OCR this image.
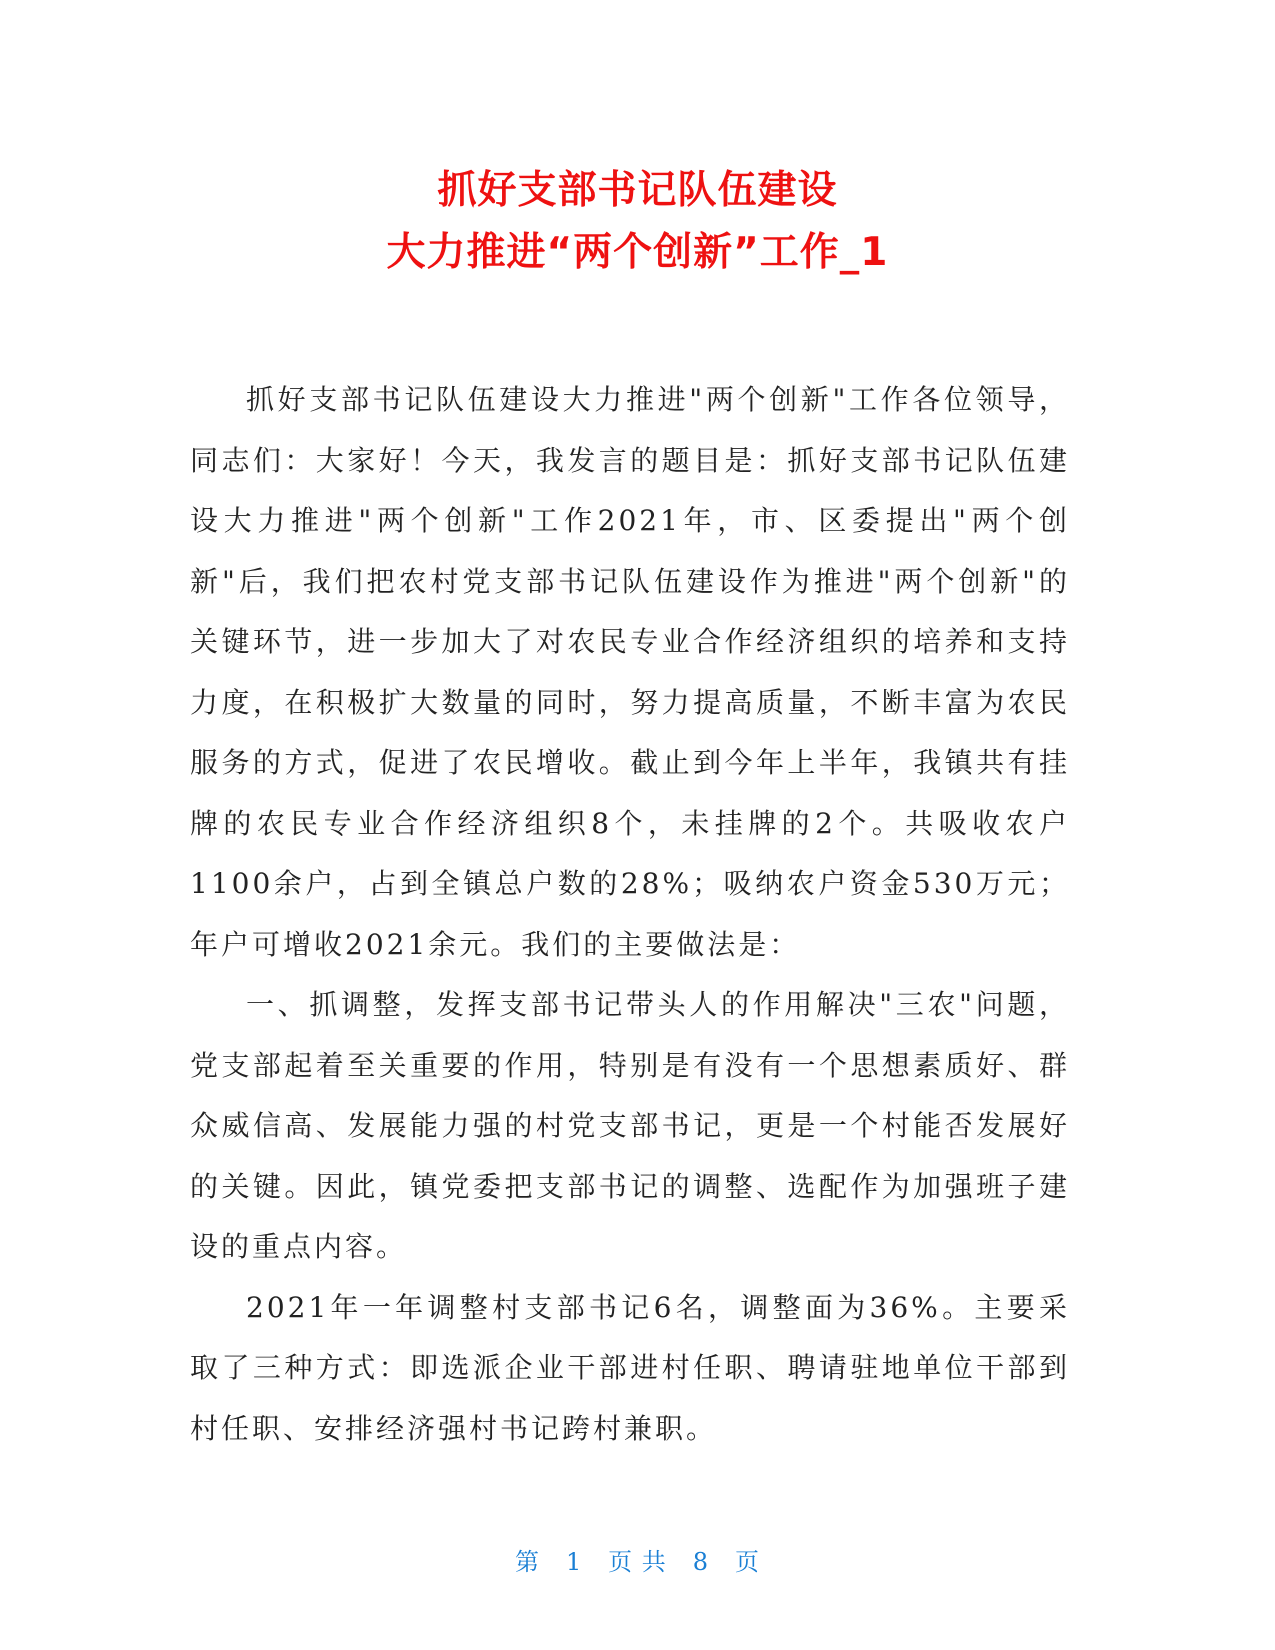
抓好支部书记队伍建设
大力推进“两个创新”工作_1

抓好支部书记队伍建设大力推进"两个创新"工作各位领导，同志们：大家好！今天，我发言的题目是：抓好支部书记队伍建设大力推进"两个创新"工作2021年，市、区委提出"两个创新"后，我们把农村党支部书记队伍建设作为推进"两个创新"的关键环节，进一步加大了对农民专业合作经济组织的培养和支持力度，在积极扩大数量的同时，努力提高质量，不断丰富为农民服务的方式，促进了农民增收。截止到今年上半年，我镇共有挂牌的农民专业合作经济组织8个，未挂牌的2个。共吸收农户1100余户，占到全镇总户数的28%；吸纳农户资金530万元；年户可增收2021余元。我们的主要做法是：

一、抓调整，发挥支部书记带头人的作用解决"三农"问题，党支部起着至关重要的作用，特别是有没有一个思想素质好、群众威信高、发展能力强的村党支部书记，更是一个村能否发展好的关键。因此，镇党委把支部书记的调整、选配作为加强班子建设的重点内容。

2021年一年调整村支部书记6名，调整面为36%。主要采取了三种方式：即选派企业干部进村任职、聘请驻地单位干部到村任职、安排经济强村书记跨村兼职。

第 1 页 共 8 页
